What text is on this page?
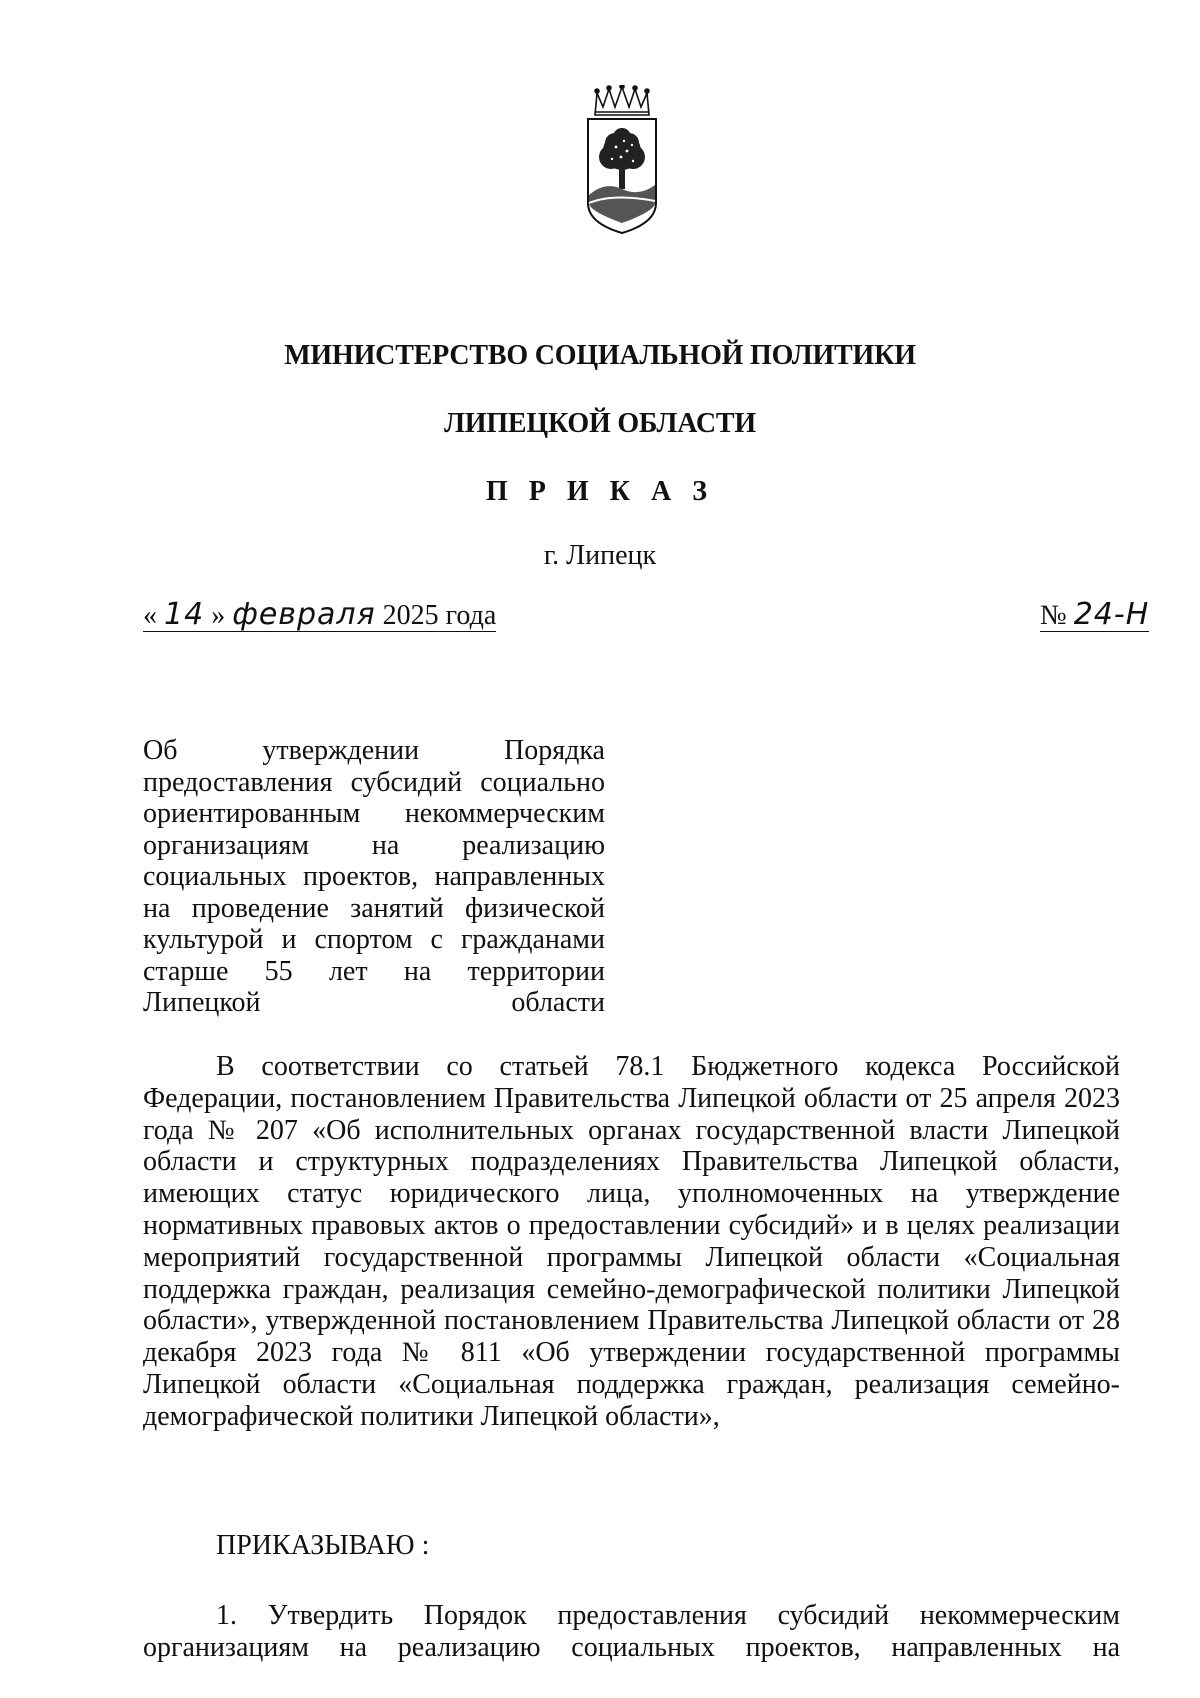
МИНИСТЕРСТВО СОЦИАЛЬНОЙ ПОЛИТИКИ
ЛИПЕЦКОЙ ОБЛАСТИ
П Р И К А З
г. Липецк
« 14 » февраля 2025 года	№ 24-Н
Об утверждении Порядка предоставления субсидий социально ориентированным некоммерческим организациям на реализацию социальных проектов, направленных на проведение занятий физической культурой и спортом с гражданами старше 55 лет на территории Липецкой области
В соответствии со статьей 78.1 Бюджетного кодекса Российской Федерации, постановлением Правительства Липецкой области от 25 апреля 2023 года № 207 «Об исполнительных органах государственной власти Липецкой области и структурных подразделениях Правительства Липецкой области, имеющих статус юридического лица, уполномоченных на утверждение нормативных правовых актов о предоставлении субсидий» и в целях реализации мероприятий государственной программы Липецкой области «Социальная поддержка граждан, реализация семейно-демографической политики Липецкой области», утвержденной постановлением Правительства Липецкой области от 28 декабря 2023 года № 811 «Об утверждении государственной программы Липецкой области «Социальная поддержка граждан, реализация семейно-демографической политики Липецкой области»,
ПРИКАЗЫВАЮ :
1. Утвердить Порядок предоставления субсидий некоммерческим организациям на реализацию социальных проектов, направленных на
